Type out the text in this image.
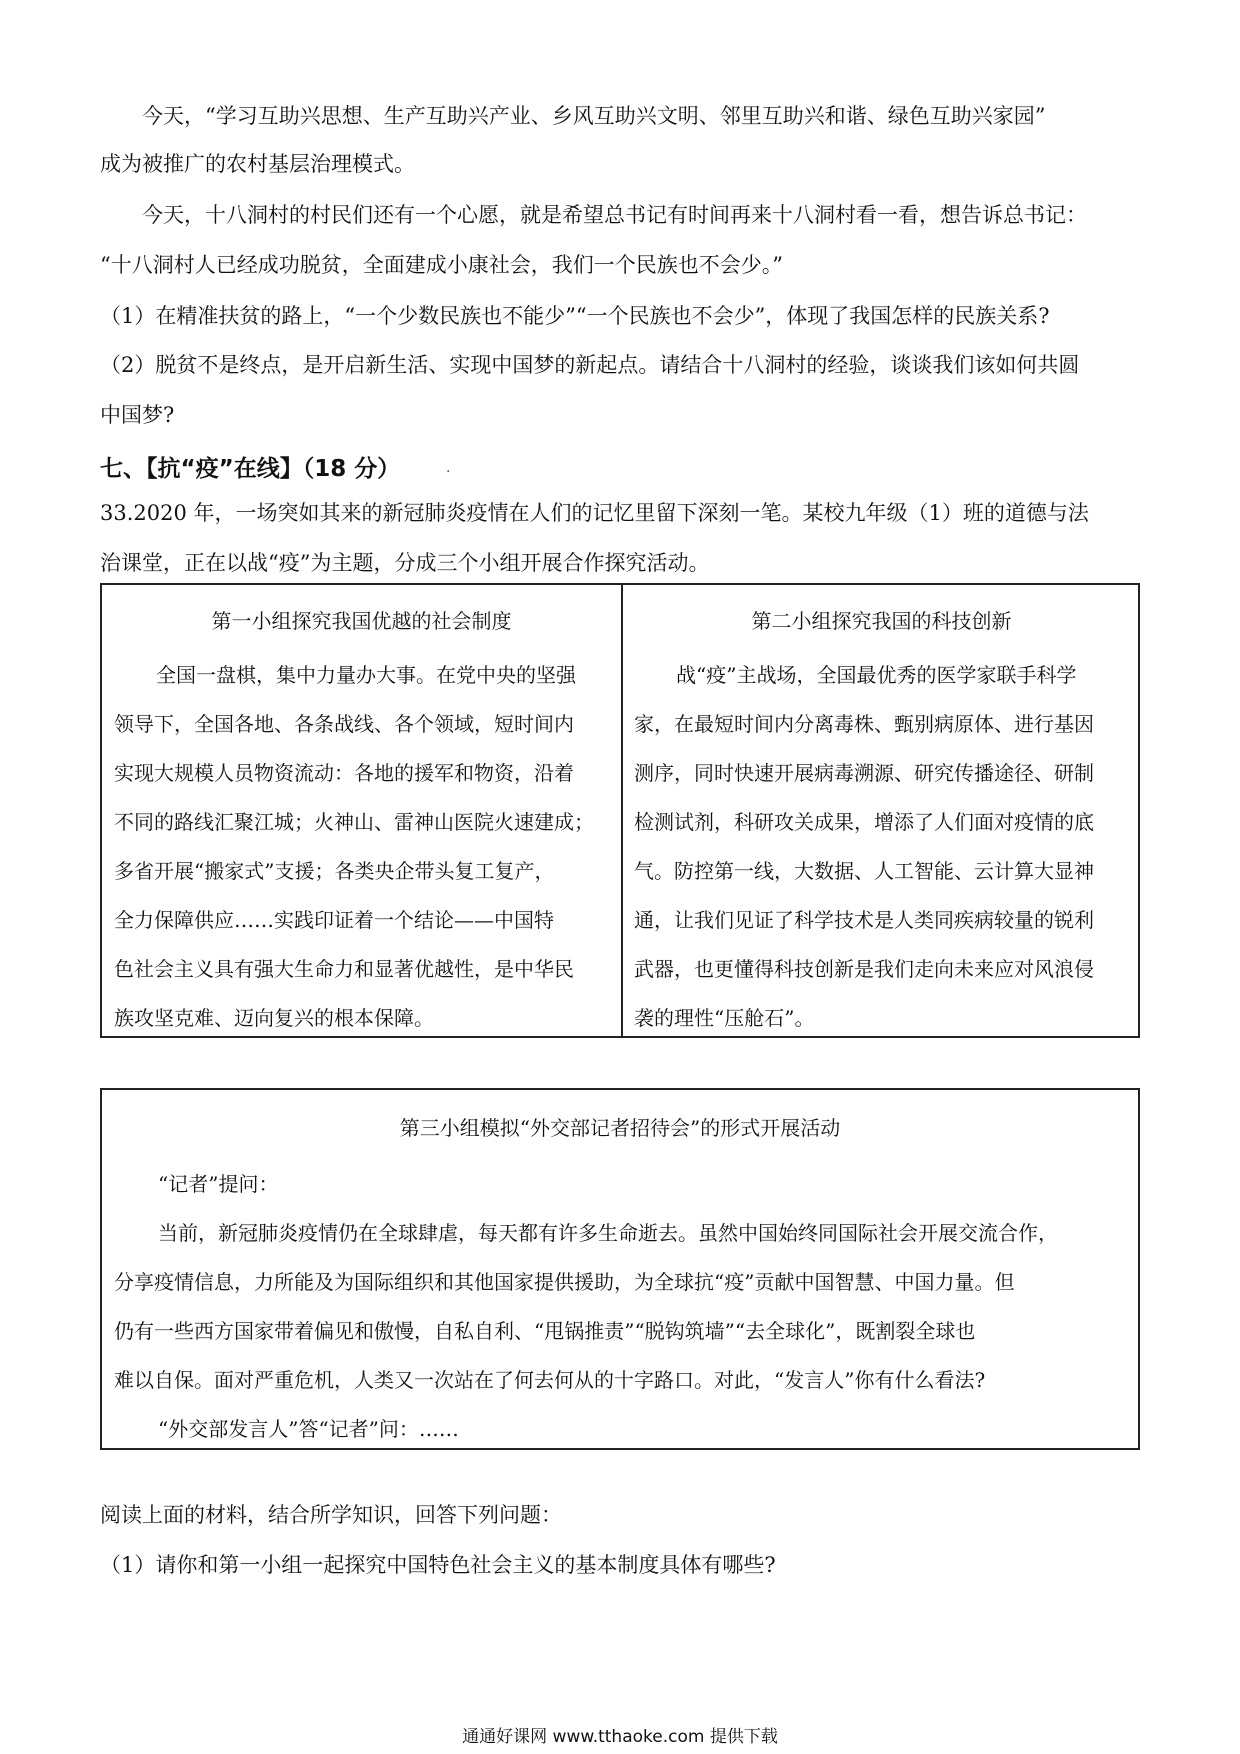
今天，“学习互助兴思想、生产互助兴产业、乡风互助兴文明、邻里互助兴和谐、绿色互助兴家园”
成为被推广的农村基层治理模式。
今天，十八洞村的村民们还有一个心愿，就是希望总书记有时间再来十八洞村看一看，想告诉总书记：
“十八洞村人已经成功脱贫，全面建成小康社会，我们一个民族也不会少。”
（1）在精准扶贫的路上，“一个少数民族也不能少”“一个民族也不会少”，体现了我国怎样的民族关系?
（2）脱贫不是终点，是开启新生活、实现中国梦的新起点。请结合十八洞村的经验，谈谈我们该如何共圆
中国梦?
七、【抗“疫”在线】（18 分）	.
33.2020 年，一场突如其来的新冠肺炎疫情在人们的记忆里留下深刻一笔。某校九年级（1）班的道德与法
治课堂，正在以战“疫”为主题，分成三个小组开展合作探究活动。
第一小组探究我国优越的社会制度
全国一盘棋，集中力量办大事。在党中央的坚强
领导下，全国各地、各条战线、各个领域，短时间内
实现大规模人员物资流动：各地的援军和物资，沿着
不同的路线汇聚江城；火神山、雷神山医院火速建成；
多省开展“搬家式”支援；各类央企带头复工复产，
全力保障供应……实践印证着一个结论——中国特
色社会主义具有强大生命力和显著优越性，是中华民
族攻坚克难、迈向复兴的根本保障。
第二小组探究我国的科技创新
战“疫”主战场，全国最优秀的医学家联手科学
家，在最短时间内分离毒株、甄别病原体、进行基因
测序，同时快速开展病毒溯源、研究传播途径、研制
检测试剂，科研攻关成果，增添了人们面对疫情的底
气。防控第一线，大数据、人工智能、云计算大显神
通，让我们见证了科学技术是人类同疾病较量的锐利
武器，也更懂得科技创新是我们走向未来应对风浪侵
袭的理性“压舱石”。
第三小组模拟“外交部记者招待会”的形式开展活动
“记者”提问：
当前，新冠肺炎疫情仍在全球肆虐，每天都有许多生命逝去。虽然中国始终同国际社会开展交流合作，
分享疫情信息，力所能及为国际组织和其他国家提供援助，为全球抗“疫”贡献中国智慧、中国力量。但
仍有一些西方国家带着偏见和傲慢，自私自利、“甩锅推责”“脱钩筑墙”“去全球化”，既割裂全球也
难以自保。面对严重危机，人类又一次站在了何去何从的十字路口。对此，“发言人”你有什么看法?
“外交部发言人”答“记者”问：……
阅读上面的材料，结合所学知识，回答下列问题：
（1）请你和第一小组一起探究中国特色社会主义的基本制度具体有哪些?
通通好课网 www.tthaoke.com 提供下载
